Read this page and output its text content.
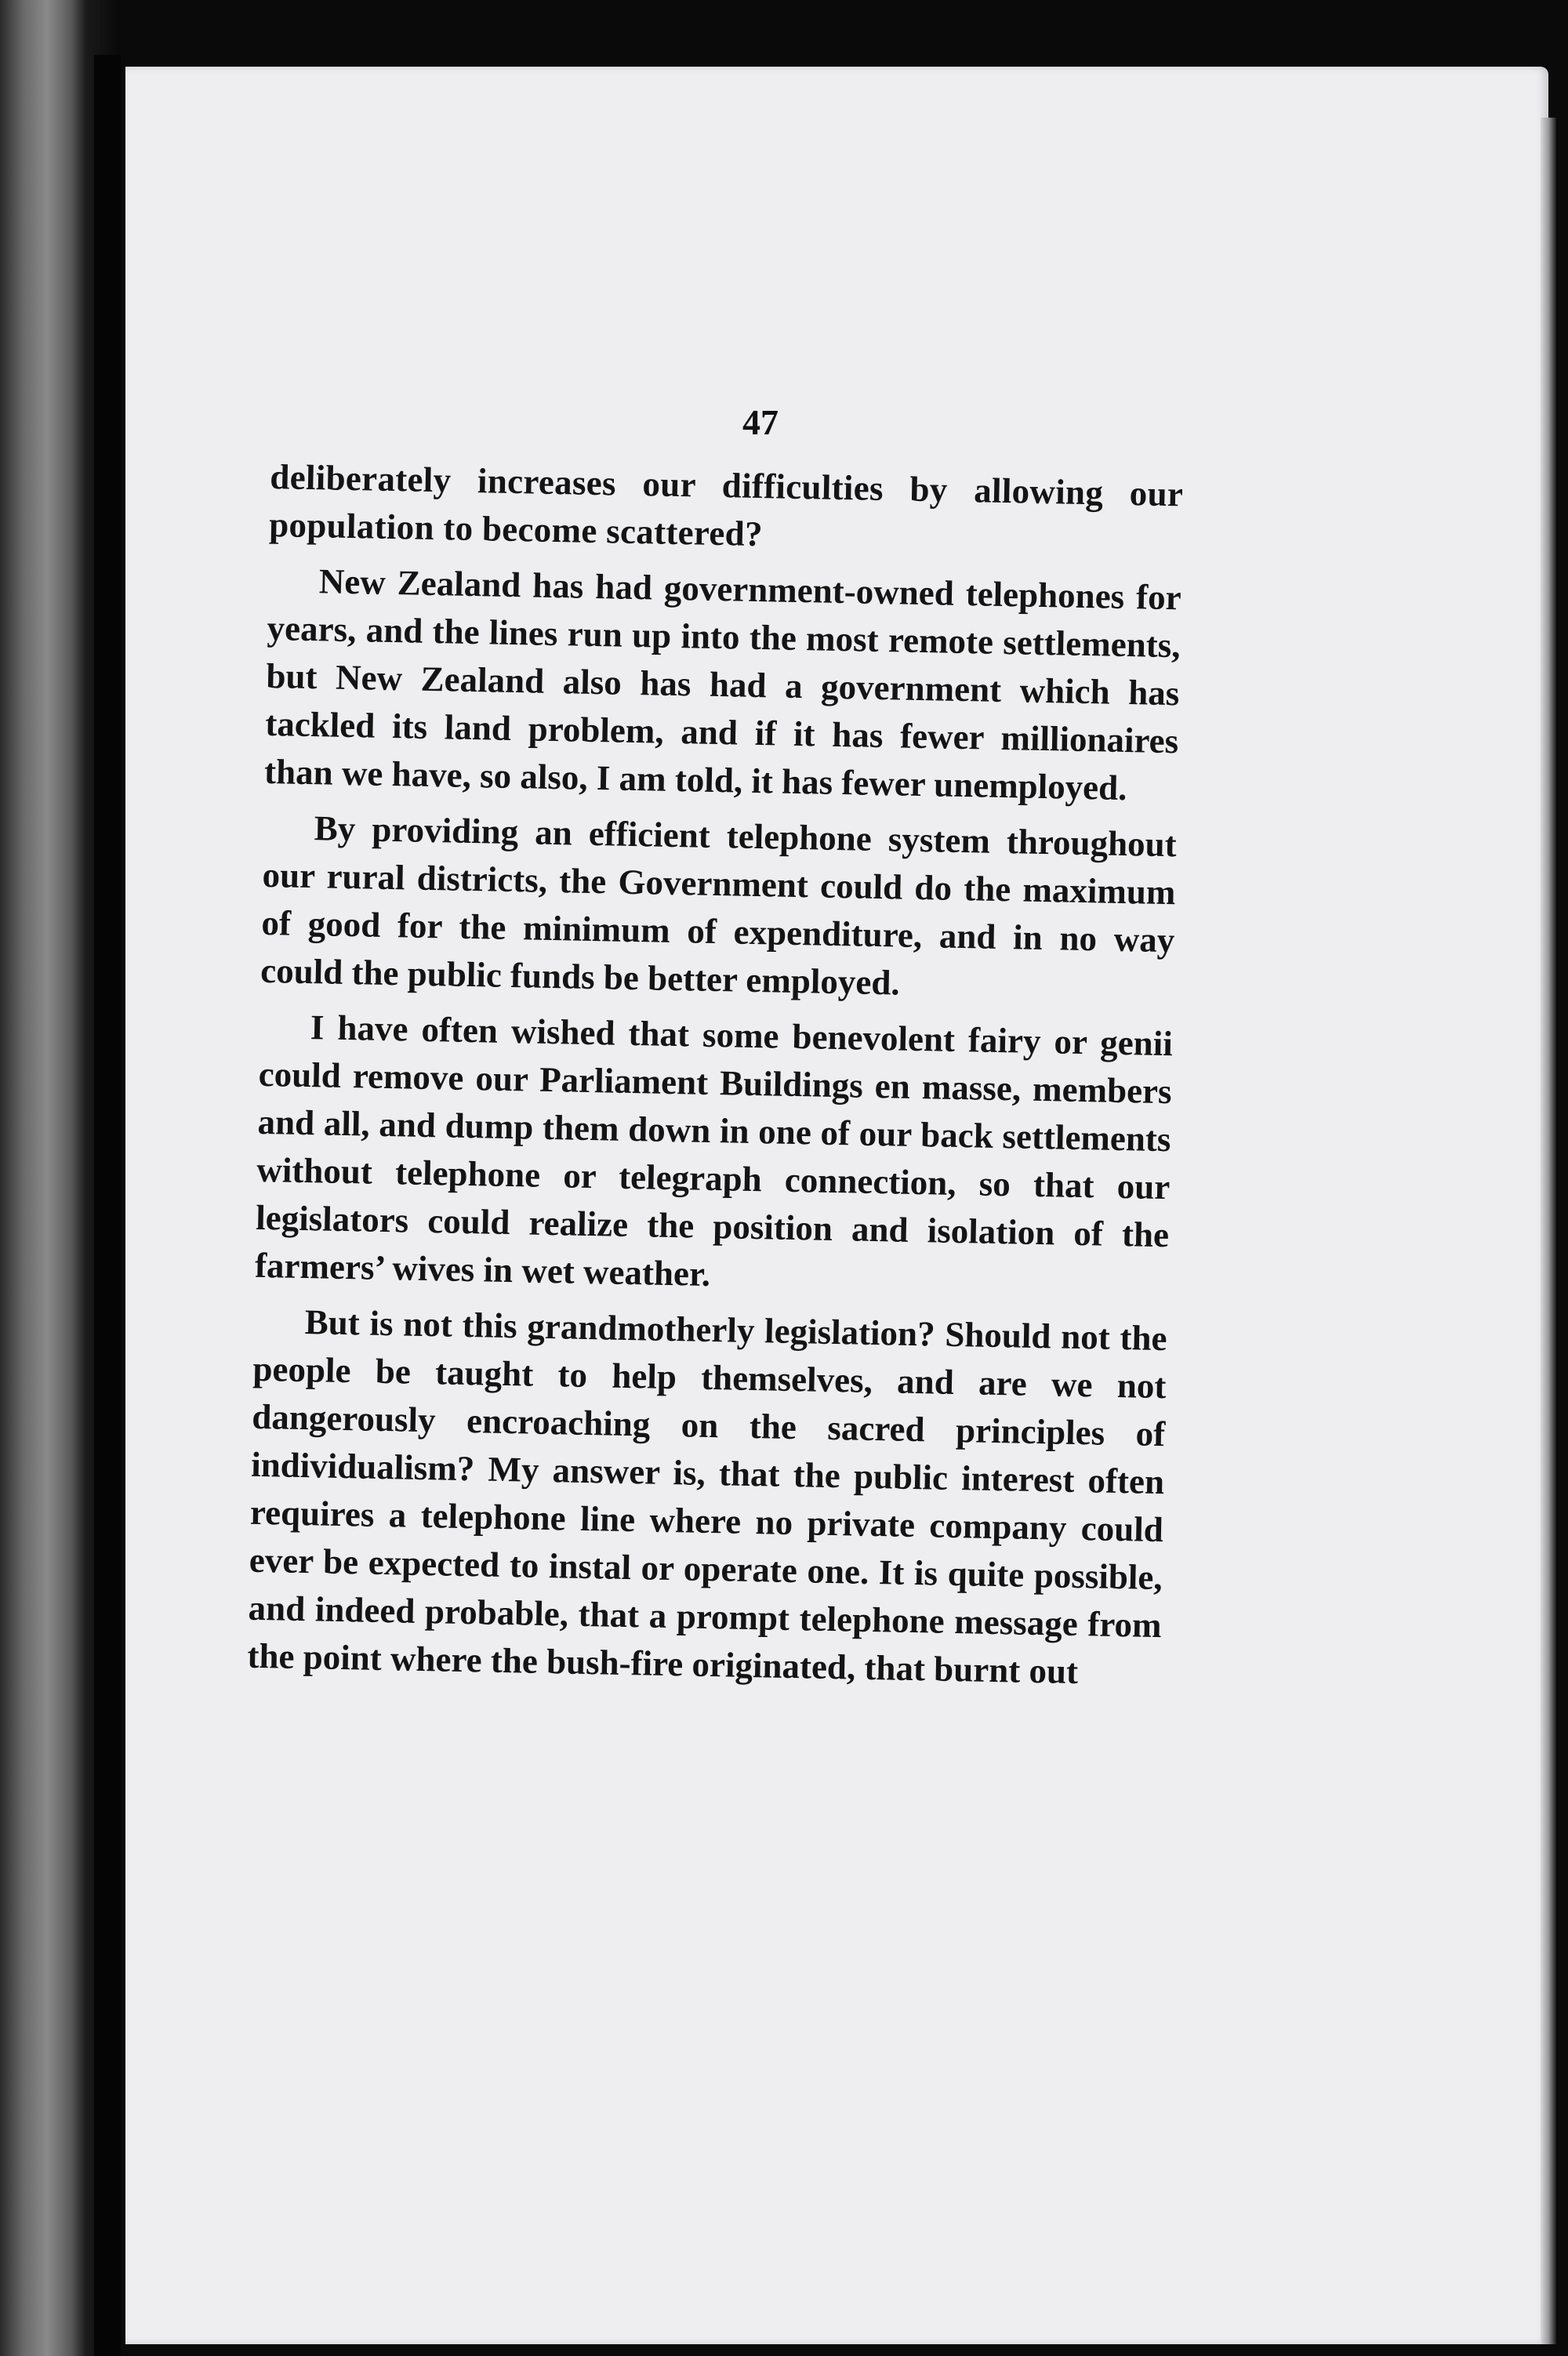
47

deliberately increases our difficulties by allowing our population to become scattered?

New Zealand has had government-owned telephones for years, and the lines run up into the most remote settlements, but New Zealand also has had a government which has tackled its land problem, and if it has fewer millionaires than we have, so also, I am told, it has fewer unemployed.

By providing an efficient telephone system throughout our rural districts, the Government could do the maximum of good for the minimum of expenditure, and in no way could the public funds be better employed.

I have often wished that some benevolent fairy or genii could remove our Parliament Buildings en masse, members and all, and dump them down in one of our back settlements without telephone or telegraph connection, so that our legislators could realize the position and isolation of the farmers’ wives in wet weather.

But is not this grandmotherly legislation? Should not the people be taught to help themselves, and are we not dangerously encroaching on the sacred principles of individualism? My answer is, that the public interest often requires a telephone line where no private company could ever be expected to instal or operate one. It is quite possible, and indeed probable, that a prompt telephone message from the point where the bush-fire originated, that burnt out
